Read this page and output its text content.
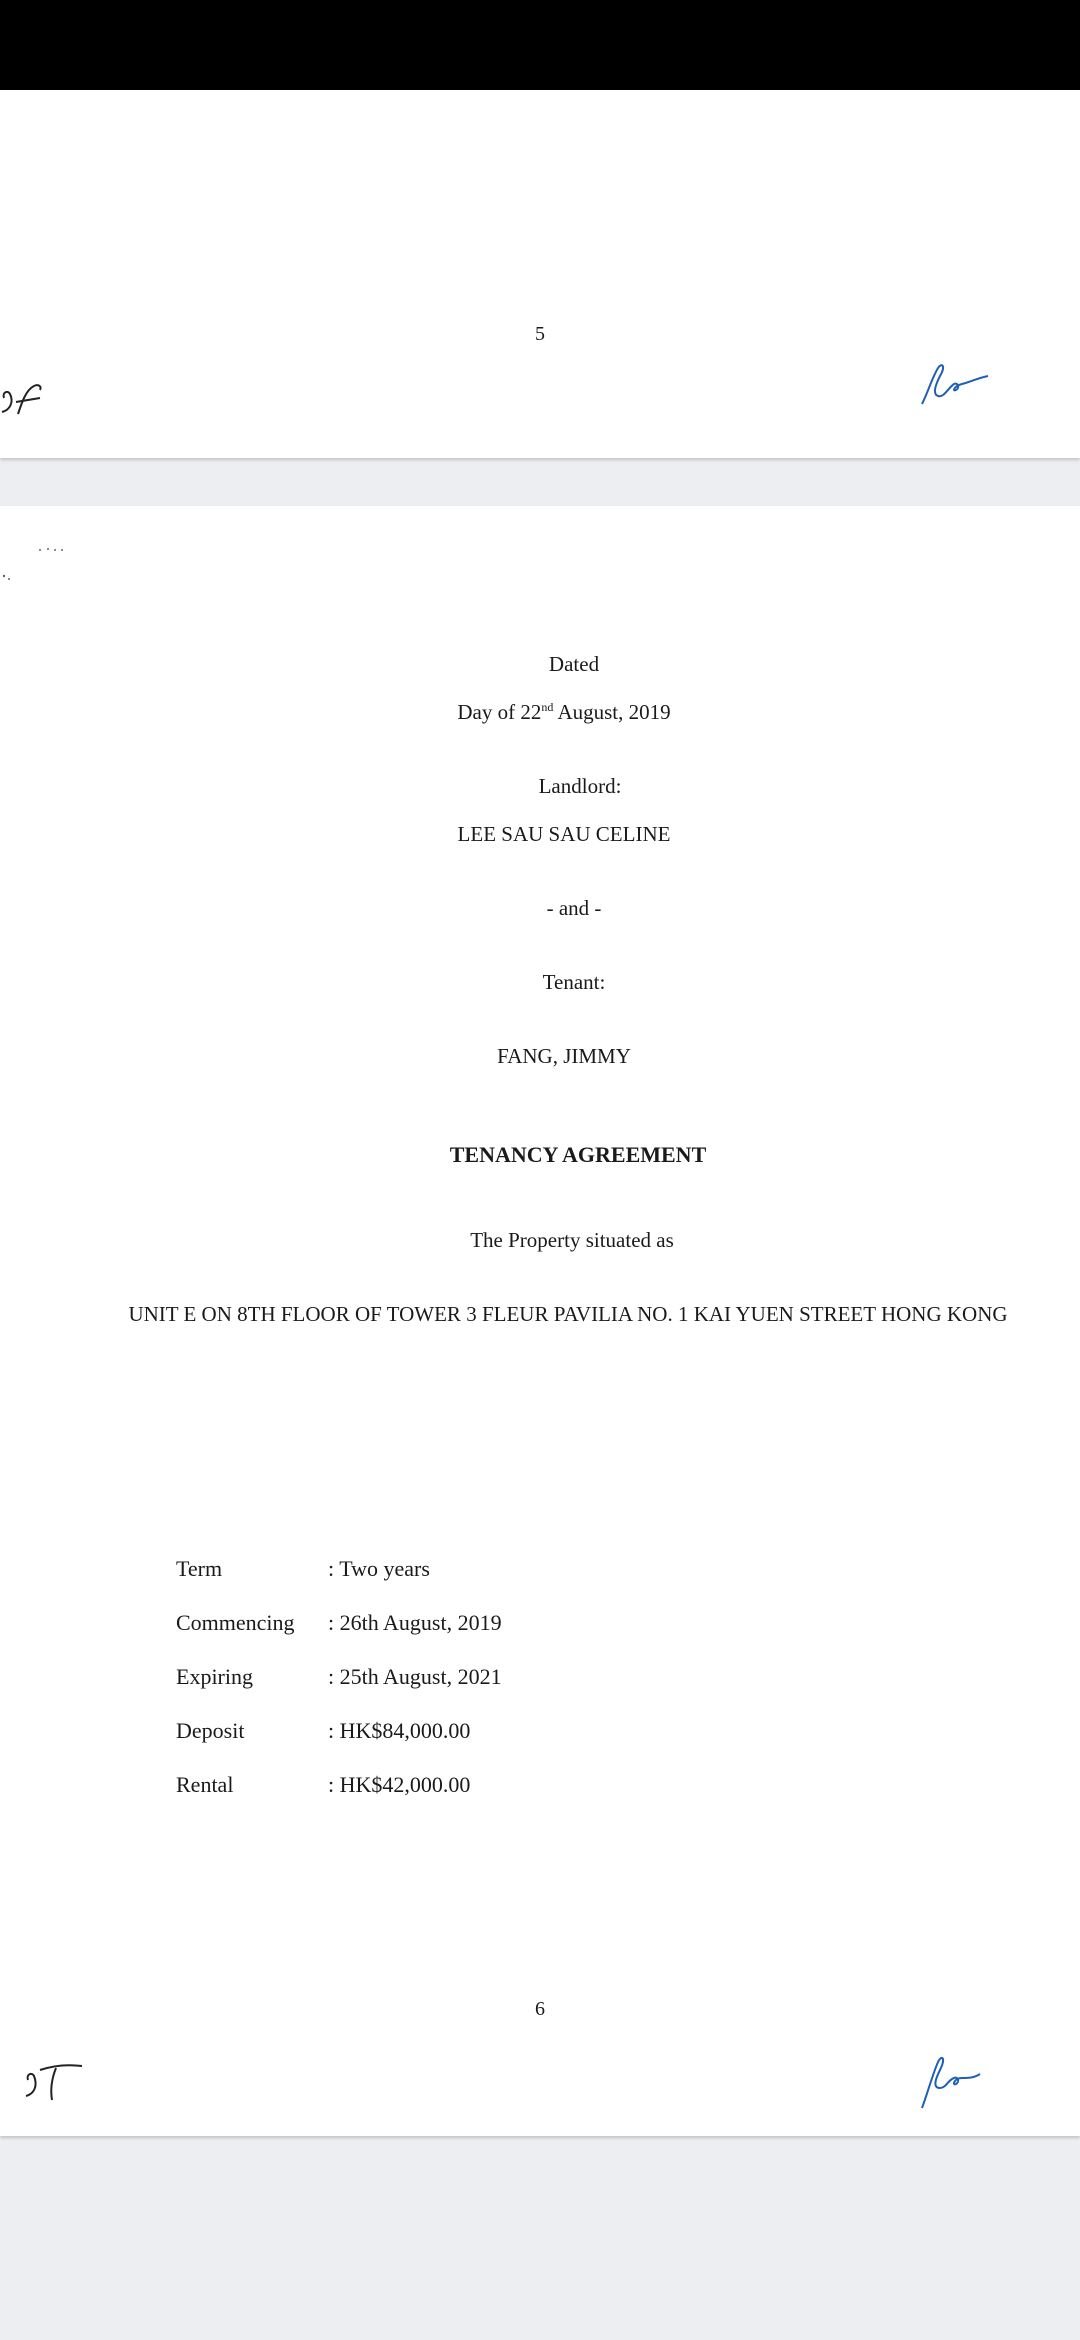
5
Dated
Day of 22nd August, 2019
Landlord:
LEE SAU SAU CELINE
- and -
Tenant:
FANG, JIMMY
TENANCY AGREEMENT
The Property situated as
UNIT E ON 8TH FLOOR OF TOWER 3 FLEUR PAVILIA NO. 1 KAI YUEN STREET HONG KONG
Term	: Two years
Commencing	: 26th August, 2019
Expiring	: 25th August, 2021
Deposit	: HK$84,000.00
Rental	: HK$42,000.00
6
